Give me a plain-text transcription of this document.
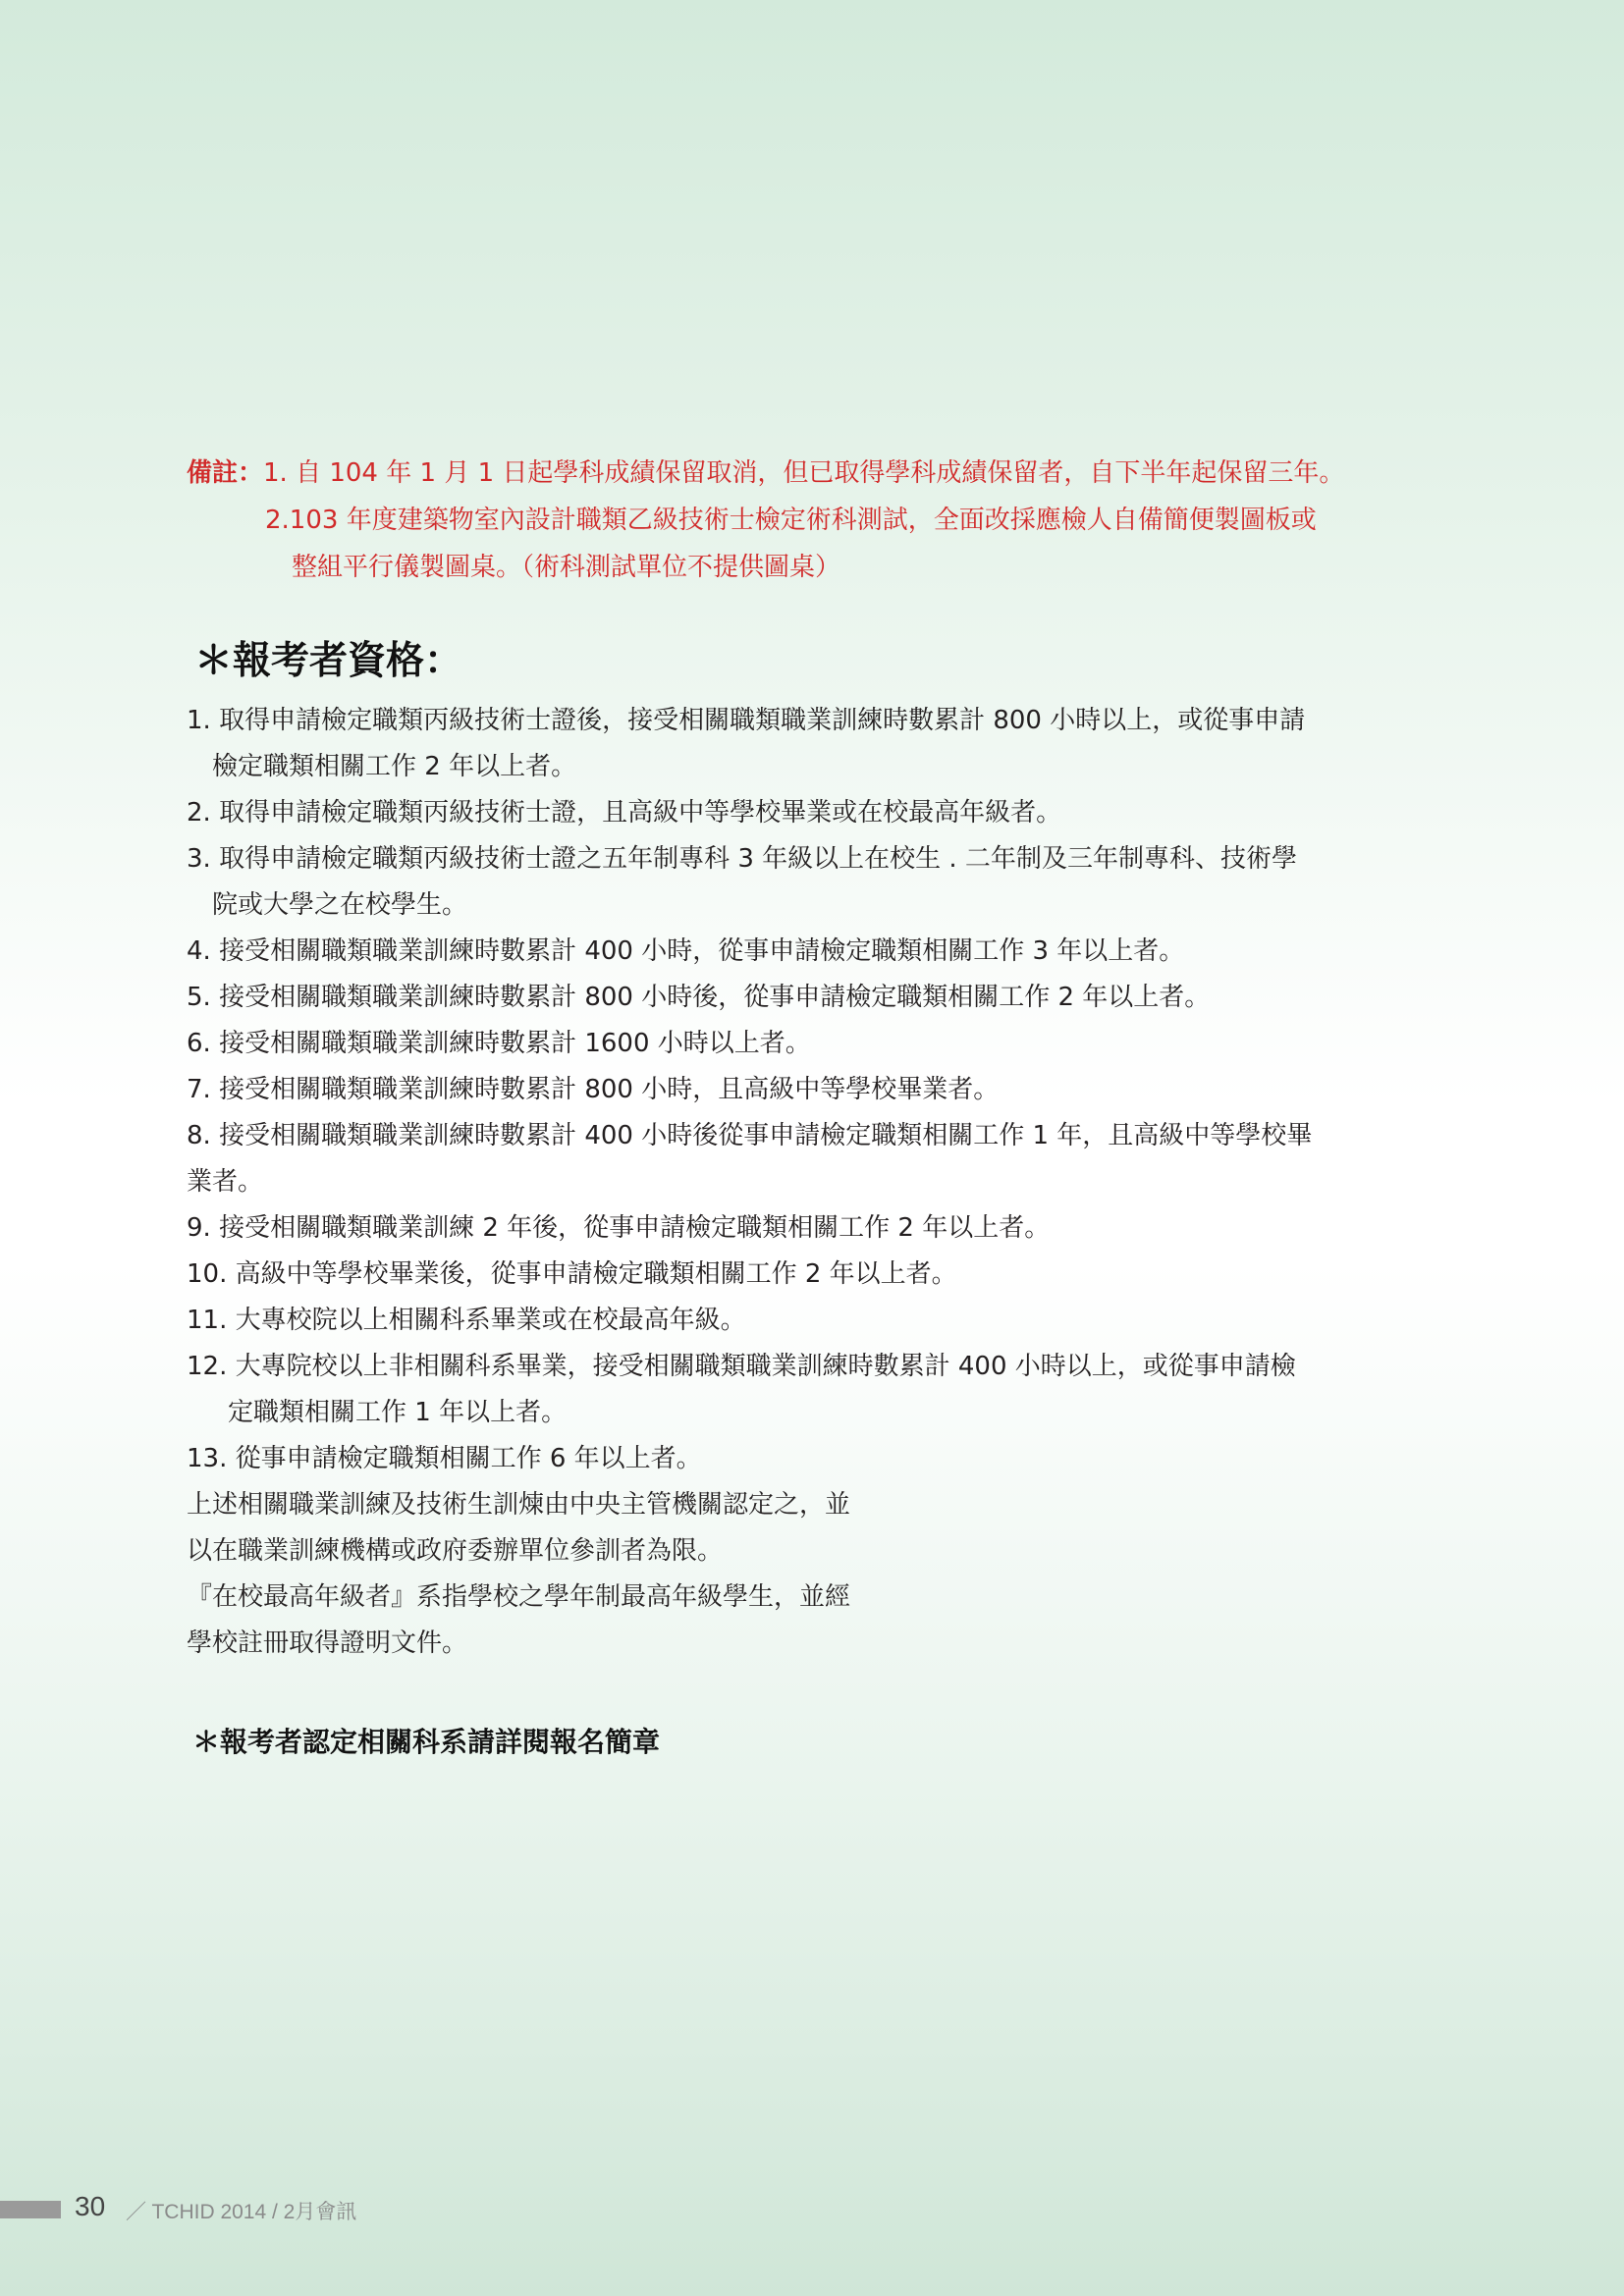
備註：1. 自 104 年 1 月 1 日起學科成績保留取消，但已取得學科成績保留者，自下半年起保留三年。
2.103 年度建築物室內設計職類乙級技術士檢定術科測試，全面改採應檢人自備簡便製圖板或
整組平行儀製圖桌。（術科測試單位不提供圖桌）
＊報考者資格：
1. 取得申請檢定職類丙級技術士證後，接受相關職類職業訓練時數累計 800 小時以上，或從事申請
檢定職類相關工作 2 年以上者。
2. 取得申請檢定職類丙級技術士證，且高級中等學校畢業或在校最高年級者。
3. 取得申請檢定職類丙級技術士證之五年制專科 3 年級以上在校生 . 二年制及三年制專科、技術學
院或大學之在校學生。
4. 接受相關職類職業訓練時數累計 400 小時，從事申請檢定職類相關工作 3 年以上者。
5. 接受相關職類職業訓練時數累計 800 小時後，從事申請檢定職類相關工作 2 年以上者。
6. 接受相關職類職業訓練時數累計 1600 小時以上者。
7. 接受相關職類職業訓練時數累計 800 小時，且高級中等學校畢業者。
8. 接受相關職類職業訓練時數累計 400 小時後從事申請檢定職類相關工作 1 年，且高級中等學校畢
業者。
9. 接受相關職類職業訓練 2 年後，從事申請檢定職類相關工作 2 年以上者。
10. 高級中等學校畢業後，從事申請檢定職類相關工作 2 年以上者。
11. 大專校院以上相關科系畢業或在校最高年級。
12. 大專院校以上非相關科系畢業，接受相關職類職業訓練時數累計 400 小時以上，或從事申請檢
定職類相關工作 1 年以上者。
13. 從事申請檢定職類相關工作 6 年以上者。
上述相關職業訓練及技術生訓煉由中央主管機關認定之，並
以在職業訓練機構或政府委辦單位參訓者為限。
『在校最高年級者』系指學校之學年制最高年級學生，並經
學校註冊取得證明文件。
＊報考者認定相關科系請詳閱報名簡章
30 ／ TCHID 2014 / 2月會訊
